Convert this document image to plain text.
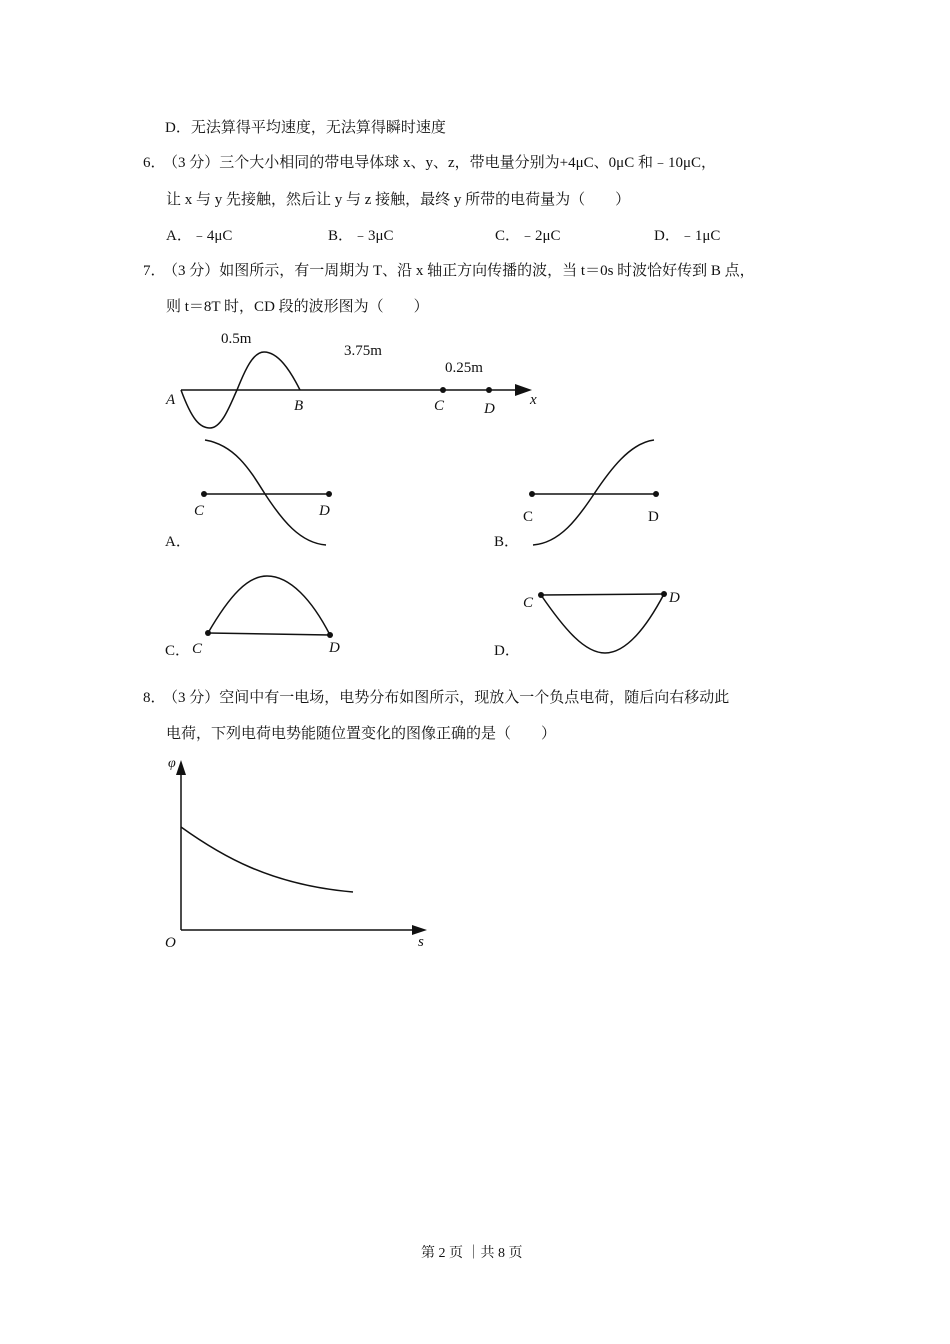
D．无法算得平均速度，无法算得瞬时速度
6．
（3 分）三个大小相同的带电导体球 x、y、z，带电量分别为+4μC、0μC 和﹣10μC，
让 x 与 y 先接触，然后让 y 与 z 接触，最终 y 所带的电荷量为（　　）
A．﹣4μC	B．﹣3μC	C．﹣2μC	D．﹣1μC
7．
（3 分）如图所示，有一周期为 T、沿 x 轴正方向传播的波，当 t＝0s 时波恰好传到 B 点，
则 t＝8T 时，CD 段的波形图为（　　）
8．
（3 分）空间中有一电场，电势分布如图所示，现放入一个负点电荷，随后向右移动此
电荷，下列电荷电势能随位置变化的图像正确的是（　　）
0.5m
3.75m
0.25m
A	B	C	D
x
A．
C	D
B．
C	D
C． C	D	D．
C	D
φ
s
O
第 2 页 ｜共 8 页
